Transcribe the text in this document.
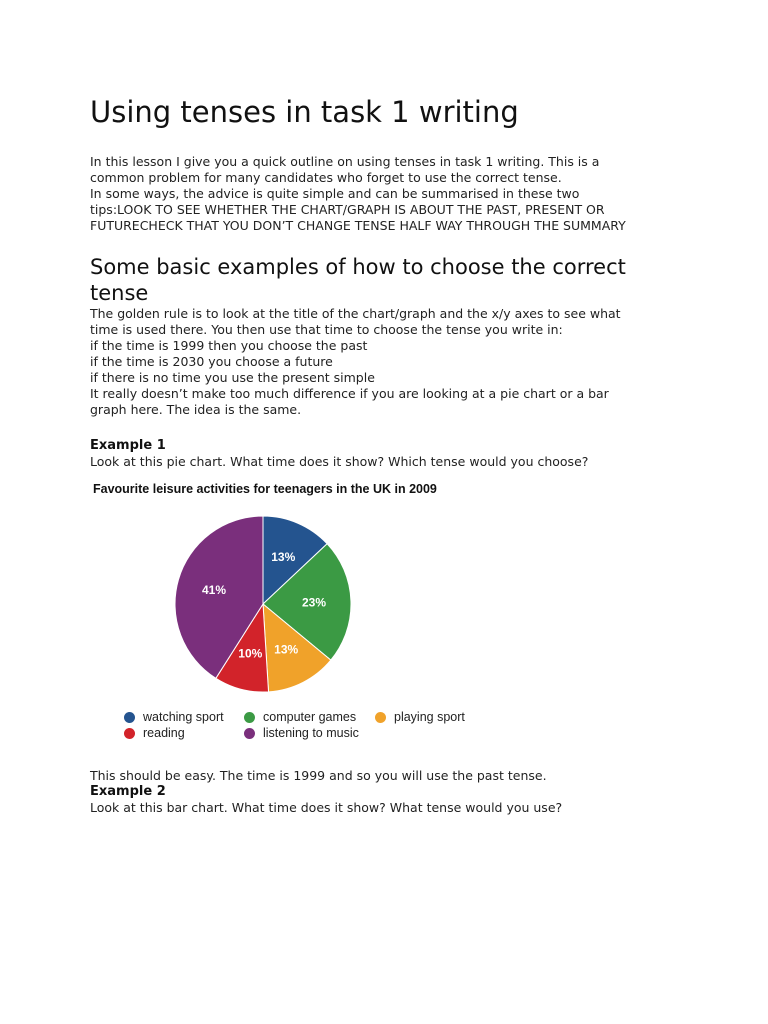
Using tenses in task 1 writing
In this lesson I give you a quick outline on using tenses in task 1 writing. This is a
common problem for many candidates who forget to use the correct tense.
In some ways, the advice is quite simple and can be summarised in these two
tips:LOOK TO SEE WHETHER THE CHART/GRAPH IS ABOUT THE PAST, PRESENT OR
FUTURECHECK THAT YOU DON’T CHANGE TENSE HALF WAY THROUGH THE SUMMARY
Some basic examples of how to choose the correct
tense
The golden rule is to look at the title of the chart/graph and the x/y axes to see what
time is used there. You then use that time to choose the tense you write in:
if the time is 1999 then you choose the past
if the time is 2030 you choose a future
if there is no time you use the present simple
It really doesn’t make too much difference if you are looking at a pie chart or a bar
graph here. The idea is the same.
Example 1
Look at this pie chart. What time does it show? Which tense would you choose?
Favourite leisure activities for teenagers in the UK in 2009
13%
23%
13%
10%
41%
watching sport	computer games	playing sport
reading	listening to music
This should be easy. The time is 1999 and so you will use the past tense.
Example 2
Look at this bar chart. What time does it show? What tense would you use?
